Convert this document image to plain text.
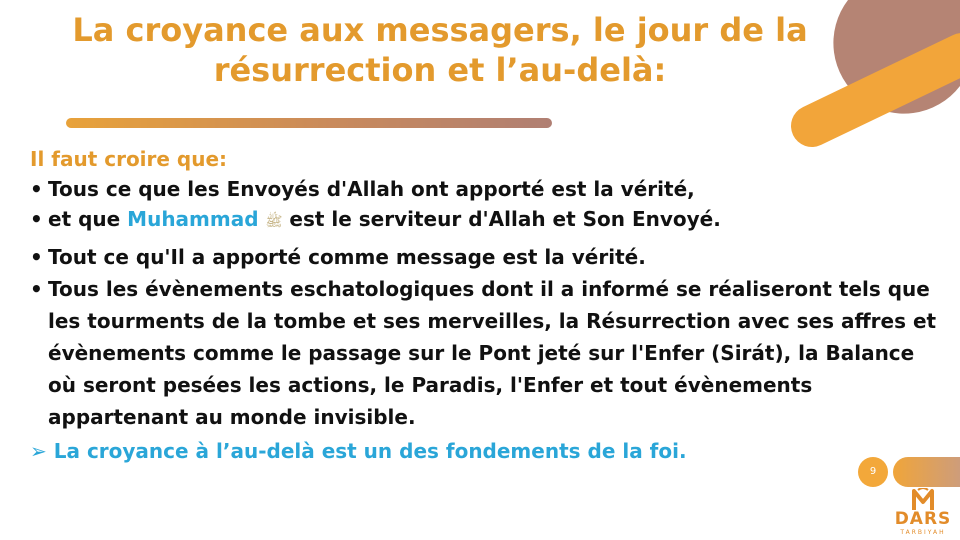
La croyance aux messagers, le jour de la
résurrection et l’au-delà:
Il faut croire que:
• Tous ce que les Envoyés d'Allah ont apporté est la vérité,
• et que Muhammad ﷺ est le serviteur d'Allah et Son Envoyé.
• Tout ce qu'Il a apporté comme message est la vérité.
• Tous les évènements eschatologiques dont il a informé se réaliseront tels que les tourments de la tombe et ses merveilles, la Résurrection avec ses affres et évènements comme le passage sur le Pont jeté sur l'Enfer (Sirát), la Balance où seront pesées les actions, le Paradis, l'Enfer et tout évènements appartenant au monde invisible.
➢ La croyance à l’au-delà est un des fondements de la foi.
9
DARS
TARBIYAH
